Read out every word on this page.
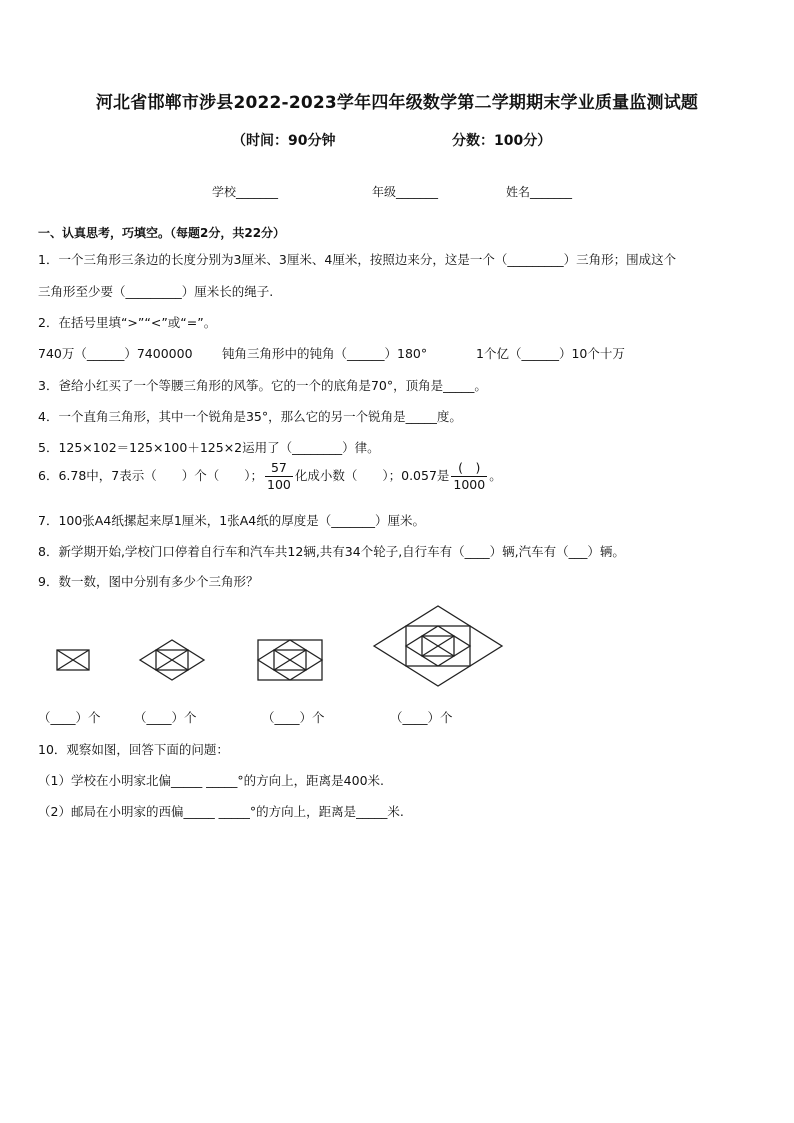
河北省邯郸市涉县2022-2023学年四年级数学第二学期期末学业质量监测试题
（时间：90分钟	分数：100分）
学校_______	年级_______	姓名_______
一、认真思考，巧填空。（每题2分，共22分）
1．一个三角形三条边的长度分别为3厘米、3厘米、4厘米，按照边来分，这是一个（_________）三角形；围成这个
三角形至少要（_________）厘米长的绳子.
2．在括号里填“>”“<”或“=”。
740万（______）7400000 钝角三角形中的钝角（______）180°	1个亿（______）10个十万
3．爸给小红买了一个等腰三角形的风筝。它的一个的底角是70°，顶角是_____。
4．一个直角三角形，其中一个锐角是35°，那么它的另一个锐角是_____度。
5．125×102＝125×100＋125×2运用了（________）律。
6．6.78中，7表示（　　）个（　　）； $\frac{57}{100}$ 化成小数（　　）；0.057是 $\frac{( )}{1000}$ 。
7．100张A4纸摞起来厚1厘米，1张A4纸的厚度是（_______）厘米。
8．新学期开始,学校门口停着自行车和汽车共12辆,共有34个轮子,自行车有（____）辆,汽车有（___）辆。
9．数一数，图中分别有多少个三角形？
（____）个	（____）个	（____）个	（____）个
10．观察如图，回答下面的问题：
（1）学校在小明家北偏_____ _____°的方向上，距离是400米.
（2）邮局在小明家的西偏_____ _____°的方向上，距离是_____米.
